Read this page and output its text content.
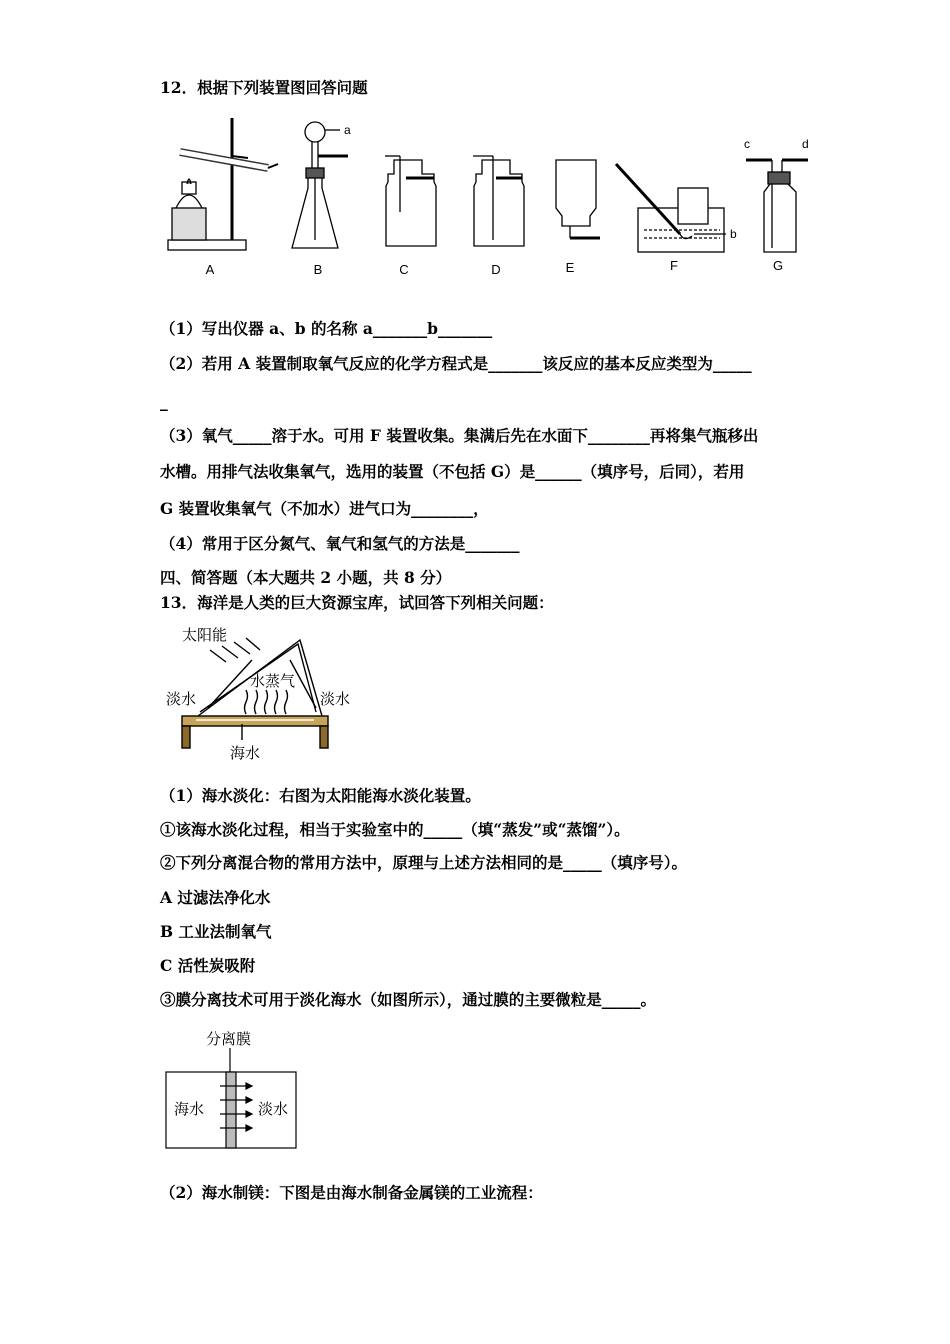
12．根据下列装置图回答问题
a
b
c	d
A	B	C	D	E	F	G
（1）写出仪器 a、b 的名称 a_______b_______
（2）若用 A 装置制取氧气反应的化学方程式是_______该反应的基本反应类型为_____
_
（3）氧气_____溶于水。可用 F 装置收集。集满后先在水面下________再将集气瓶移出
水槽。用排气法收集氧气，选用的装置（不包括 G）是______（填序号，后同），若用
G 装置收集氧气（不加水）进气口为________，
（4）常用于区分氮气、氧气和氢气的方法是_______
四、简答题（本大题共 2 小题，共 8 分）
13．海洋是人类的巨大资源宝库，试回答下列相关问题：
太阳能
水蒸气
淡水	淡水
海水
（1）海水淡化：右图为太阳能海水淡化装置。
①该海水淡化过程，相当于实验室中的_____（填“蒸发”或“蒸馏”）。
②下列分离混合物的常用方法中，原理与上述方法相同的是_____（填序号）。
A 过滤法净化水
B 工业法制氧气
C 活性炭吸附
③膜分离技术可用于淡化海水（如图所示），通过膜的主要微粒是_____。
分离膜
海水	淡水
（2）海水制镁：下图是由海水制备金属镁的工业流程：
